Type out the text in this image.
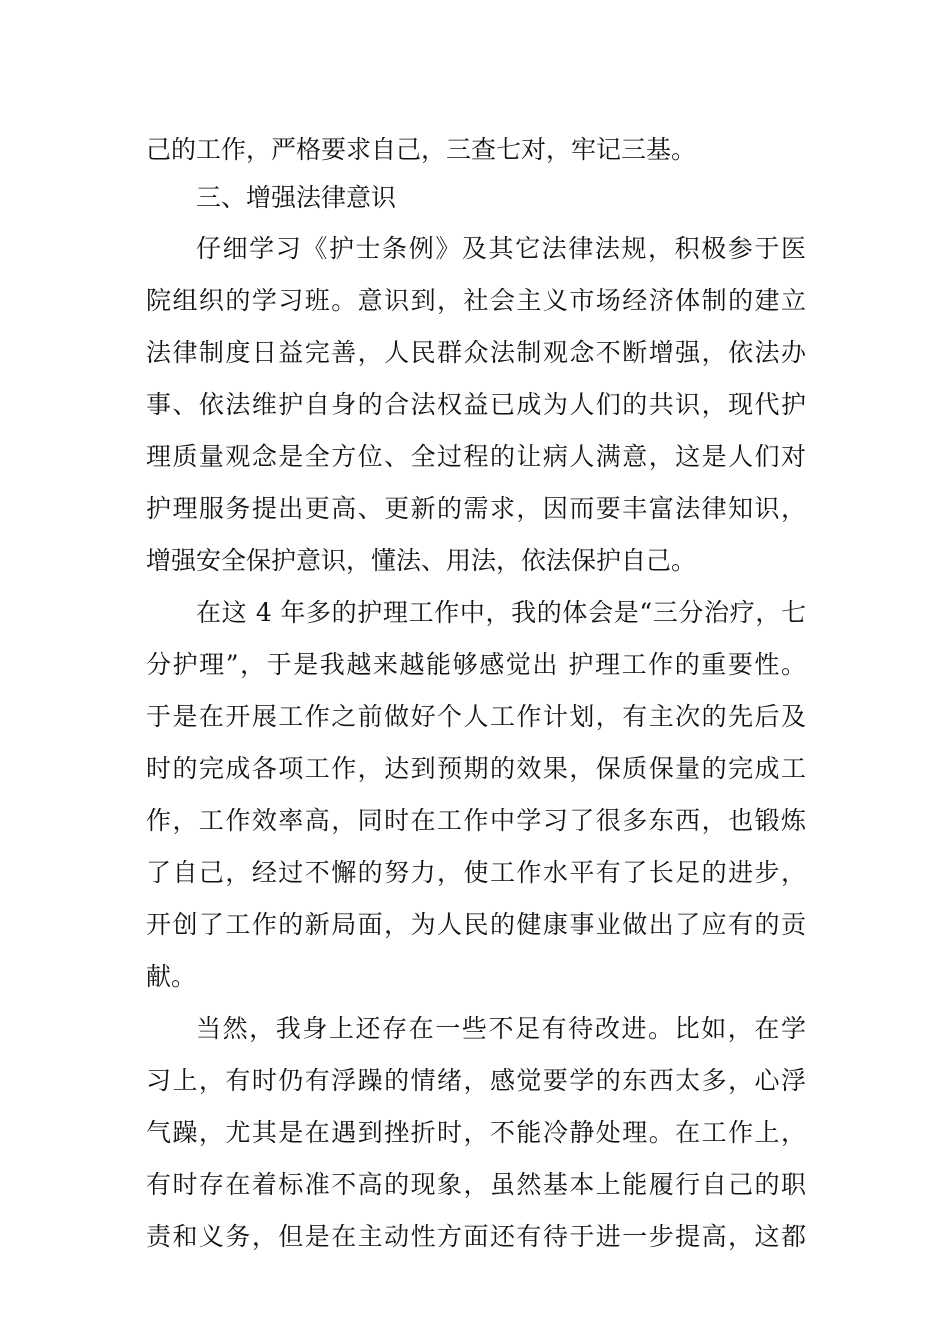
己的工作，严格要求自己，三查七对，牢记三基。

三、增强法律意识

仔细学习《护士条例》及其它法律法规，积极参于医

院组织的学习班。意识到，社会主义市场经济体制的建立

法律制度日益完善，人民群众法制观念不断增强，依法办

事、依法维护自身的合法权益已成为人们的共识，现代护

理质量观念是全方位、全过程的让病人满意，这是人们对

护理服务提出更高、更新的需求，因而要丰富法律知识，

增强安全保护意识，懂法、用法，依法保护自己。

在这 4 年多的护理工作中，我的体会是“三分治疗，七

分护理”，于是我越来越能够感觉出 护理工作的重要性。

于是在开展工作之前做好个人工作计划，有主次的先后及

时的完成各项工作，达到预期的效果，保质保量的完成工

作，工作效率高，同时在工作中学习了很多东西，也锻炼

了自己，经过不懈的努力，使工作水平有了长足的进步，

开创了工作的新局面，为人民的健康事业做出了应有的贡

献。

当然，我身上还存在一些不足有待改进。比如，在学

习上，有时仍有浮躁的情绪，感觉要学的东西太多，心浮

气躁，尤其是在遇到挫折时，不能冷静处理。在工作上，

有时存在着标准不高的现象，虽然基本上能履行自己的职

责和义务，但是在主动性方面还有待于进一步提高，这都
